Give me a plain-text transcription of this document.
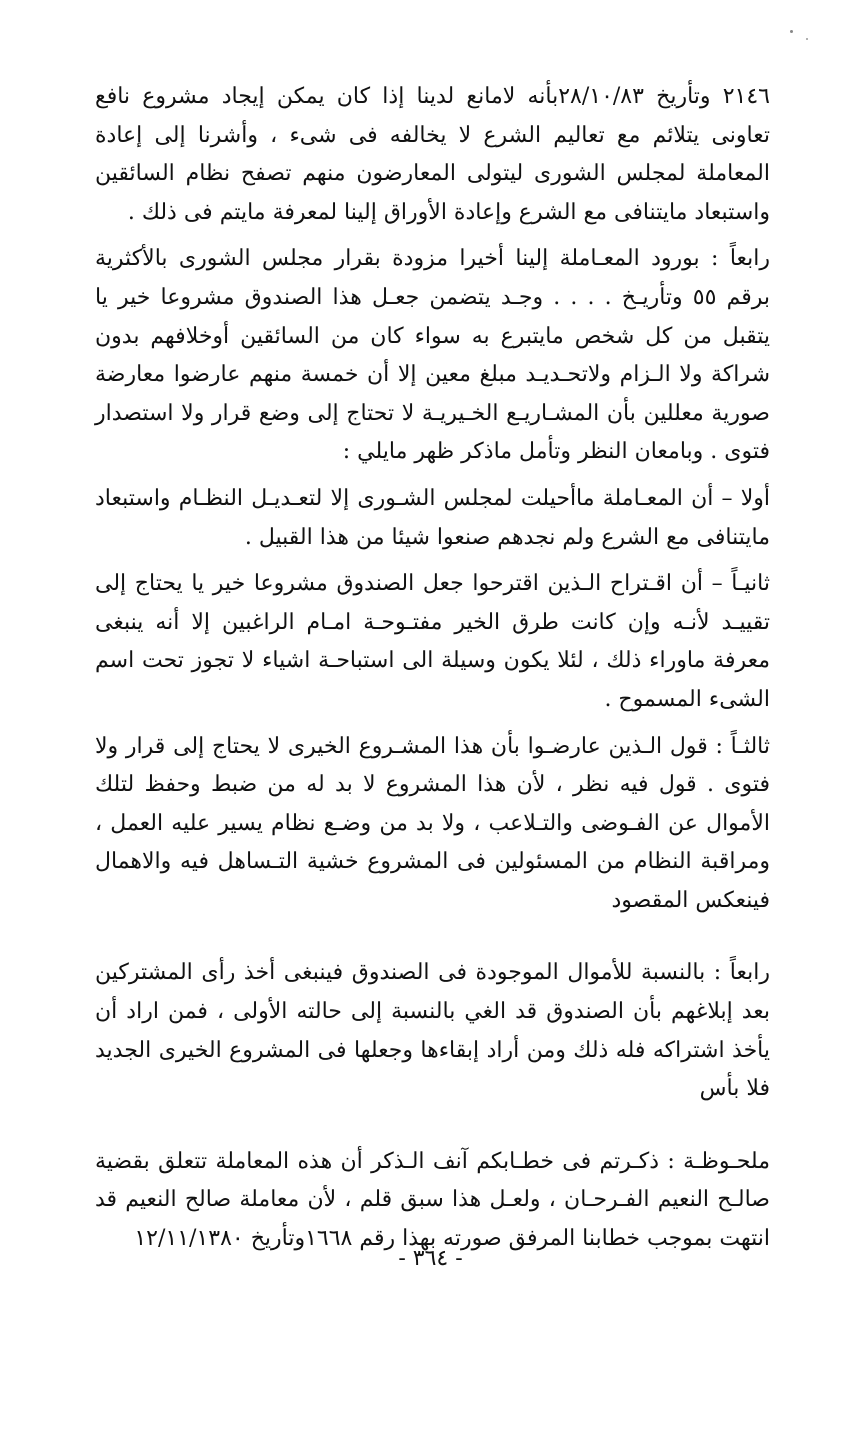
٢١٤٦ وتأريخ ٢٨/١٠/٨٣بأنه لامانع لدينا إذا كان يمكن إيجاد مشروع نافع تعاونى يتلائم مع تعاليم الشرع لا يخالفه فى شىء ، وأشرنا إلى إعادة المعاملة لمجلس الشورى ليتولى المعارضون منهم تصفح نظام السائقين واستبعاد مايتنافى مع الشرع وإعادة الأوراق إلينا لمعرفة مايتم فى ذلك .

رابعاً : بورود المعـاملة إلينا أخيرا مزودة بقرار مجلس الشورى بالأكثرية برقم ٥٥ وتأريـخ . . . . وجـد يتضمن جعـل هذا الصندوق مشروعا خير يا يتقبل من كل شخص مايتبرع به سواء كان من السائقين أوخلافهم بدون شراكة ولا الـزام ولاتحـديـد مبلغ معين إلا أن خمسة منهم عارضوا معارضة صورية معللين بأن المشـاريـع الخـيريـة لا تحتاج إلى وضع قرار ولا استصدار فتوى . وبامعان النظر وتأمل ماذكر ظهر مايلي :

أولا – أن المعـاملة ماأحيلت لمجلس الشـورى إلا لتعـديـل النظـام واستبعاد مايتنافى مع الشرع ولم نجدهم صنعوا شيئا من هذا القبيل .

ثانيـاً – أن اقـتراح الـذين اقترحوا جعل الصندوق مشروعا خير يا يحتاج إلى تقييـد لأنـه وإن كانت طرق الخير مفتـوحـة امـام الراغبين إلا أنه ينبغى معرفة ماوراء ذلك ، لئلا يكون وسيلة الى استباحـة اشياء لا تجوز تحت اسم الشىء المسموح .

ثالثـاً : قول الـذين عارضـوا بأن هذا المشـروع الخيرى لا يحتاج إلى قرار ولا فتوى . قول فيه نظر ، لأن هذا المشروع لا بد له من ضبط وحفظ لتلك الأموال عن الفـوضى والتـلاعب ، ولا بد من وضـع نظام يسير عليه العمل ، ومراقبة النظام من المسئولين فى المشروع خشية التـساهل فيه والاهمال فينعكس المقصود

رابعاً : بالنسبة للأموال الموجودة فى الصندوق فينبغى أخذ رأى المشتركين بعد إبلاغهم بأن الصندوق قد الغي بالنسبة إلى حالته الأولى ، فمن اراد أن يأخذ اشتراكه فله ذلك ومن أراد إبقاءها وجعلها فى المشروع الخيرى الجديد فلا بأس

ملحـوظـة : ذكـرتم فى خطـابكم آنف الـذكر أن هذه المعاملة تتعلق بقضية صالـح النعيم الفـرحـان ، ولعـل هذا سبق قلم ، لأن معاملة صالح النعيم قد انتهت بموجب خطابنا المرفق صورته بهذا رقم ١٦٦٨وتأريخ ١٢/١١/١٣٨٠

- ٣٦٤ -
